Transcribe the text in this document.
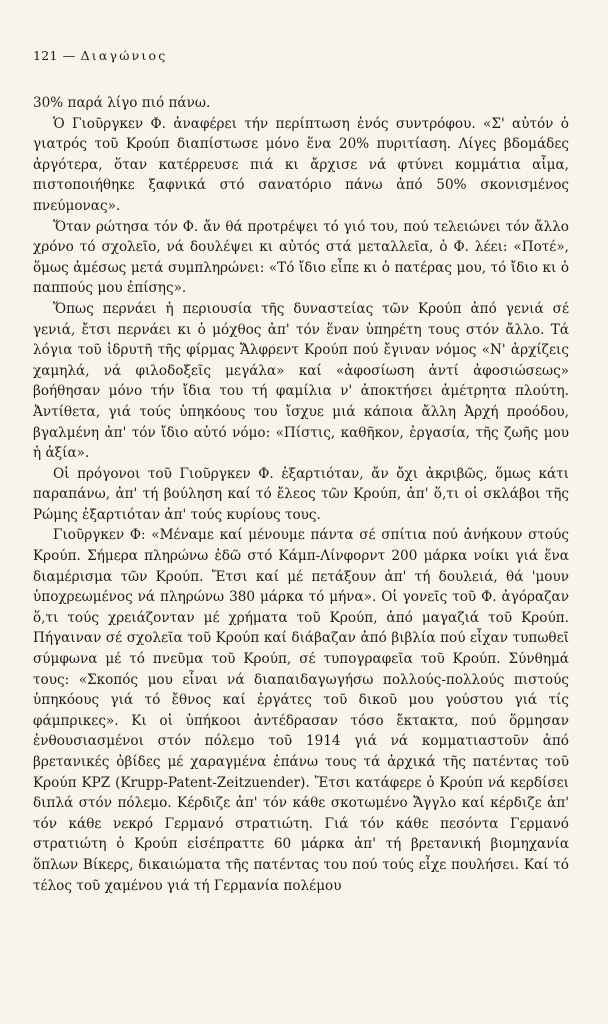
121 — Διαγώνιος

30% παρά λίγο πιό πάνω.

Ὁ Γιοῦργκεν Φ. ἀναφέρει τήν περίπτωση ἑνός συντρόφου. «Σ' αὐτόν ὁ γιατρός τοῦ Κρούπ διαπίστωσε μόνο ἕνα 20% πυριτίαση. Λίγες βδομάδες ἀργότερα, ὅταν κατέρρευσε πιά κι ἄρχισε νά φτύνει κομμάτια αἷμα, πιστοποιήθηκε ξαφνικά στό σανατόριο πάνω ἀπό 50% σκονισμένος πνεύμονας».

Ὅταν ρώτησα τόν Φ. ἄν θά προτρέψει τό γιό του, πού τελειώνει τόν ἄλλο χρόνο τό σχολεῖο, νά δουλέψει κι αὐτός στά μεταλλεῖα, ὁ Φ. λέει: «Ποτέ», ὅμως ἀμέσως μετά συμπληρώνει: «Τό ἴδιο εἶπε κι ὁ πατέρας μου, τό ἴδιο κι ὁ παππούς μου ἐπίσης».

Ὅπως περνάει ἡ περιουσία τῆς δυναστείας τῶν Κρούπ ἀπό γενιά σέ γενιά, ἔτσι περνάει κι ὁ μόχθος ἀπ' τόν ἕναν ὑπηρέτη τους στόν ἄλλο. Τά λόγια τοῦ ἱδρυτῆ τῆς φίρμας Ἄλφρεντ Κρούπ πού ἔγιναν νόμος «Ν' ἀρχίζεις χαμηλά, νά φιλοδοξεῖς μεγάλα» καί «ἀφοσίωση ἀντί ἀφοσιώσεως» βοήθησαν μόνο τήν ἴδια του τή φαμίλια ν' ἀποκτήσει ἀμέτρητα πλούτη. Ἀντίθετα, γιά τούς ὑπηκόους του ἴσχυε μιά κάποια ἄλλη Ἀρχή προόδου, βγαλμένη ἀπ' τόν ἴδιο αὐτό νόμο: «Πίστις, καθῆκον, ἐργασία, τῆς ζωῆς μου ἡ ἀξία».

Οἱ πρόγονοι τοῦ Γιοῦργκεν Φ. ἐξαρτιόταν, ἄν ὄχι ἀκριβῶς, ὅμως κάτι παραπάνω, ἀπ' τή βούληση καί τό ἔλεος τῶν Κρούπ, ἀπ' ὅ,τι οἱ σκλάβοι τῆς Ρώμης ἐξαρτιόταν ἀπ' τούς κυρίους τους.

Γιοῦργκεν Φ: «Μέναμε καί μένουμε πάντα σέ σπίτια πού ἀνήκουν στούς Κρούπ. Σήμερα πληρώνω ἐδῶ στό Κάμπ-Λίνφορντ 200 μάρκα νοίκι γιά ἕνα διαμέρισμα τῶν Κρούπ. Ἔτσι καί μέ πετάξουν ἀπ' τή δουλειά, θά 'μουν ὑποχρεωμένος νά πληρώνω 380 μάρκα τό μήνα». Οἱ γονεῖς τοῦ Φ. ἀγόραζαν ὅ,τι τούς χρειάζονταν μέ χρήματα τοῦ Κρούπ, ἀπό μαγαζιά τοῦ Κρούπ. Πήγαιναν σέ σχολεῖα τοῦ Κρούπ καί διάβαζαν ἀπό βιβλία πού εἶχαν τυπωθεῖ σύμφωνα μέ τό πνεῦμα τοῦ Κρούπ, σέ τυπογραφεῖα τοῦ Κρούπ. Σύνθημά τους: «Σκοπός μου εἶναι νά διαπαιδαγωγήσω πολλούς-πολλούς πιστούς ὑπηκόους γιά τό ἔθνος καί ἐργάτες τοῦ δικοῦ μου γούστου γιά τίς φάμπρικες». Κι οἱ ὑπήκοοι ἀντέδρασαν τόσο ἔκτακτα, πού ὅρμησαν ἐνθουσιασμένοι στόν πόλεμο τοῦ 1914 γιά νά κομματιαστοῦν ἀπό βρετανικές ὀβίδες μέ χαραγμένα ἐπάνω τους τά ἀρχικά τῆς πατέντας τοῦ Κρούπ KPZ (Krupp-Patent-Zeitzuender). Ἔτσι κατάφερε ὁ Κρούπ νά κερδίσει διπλά στόν πόλεμο. Κέρδιζε ἀπ' τόν κάθε σκοτωμένο Ἄγγλο καί κέρδιζε ἀπ' τόν κάθε νεκρό Γερμανό στρατιώτη. Γιά τόν κάθε πεσόντα Γερμανό στρατιώτη ὁ Κρούπ εἰσέπραττε 60 μάρκα ἀπ' τή βρετανική βιομηχανία ὅπλων Βίκερς, δικαιώματα τῆς πατέντας του πού τούς εἶχε πουλήσει. Καί τό τέλος τοῦ χαμένου γιά τή Γερμανία πολέμου
